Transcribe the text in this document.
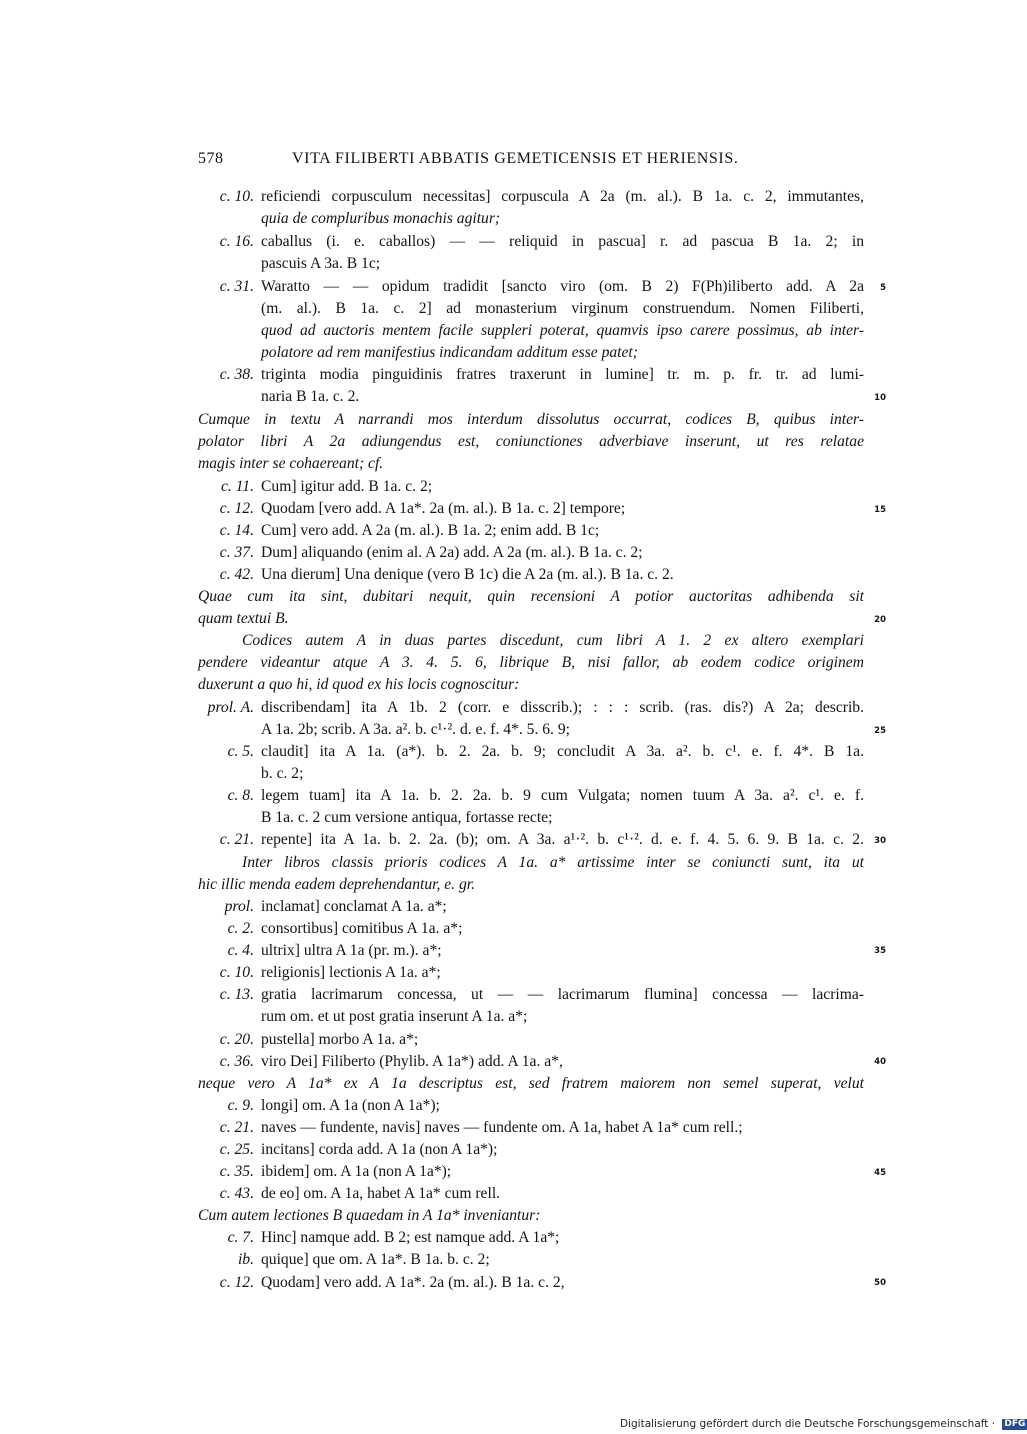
578	VITA FILIBERTI ABBATIS GEMETICENSIS ET HERIENSIS.
c. 10. reficiendi corpusculum necessitas] corpuscula A 2a (m. al.). B 1a. c. 2, immutantes,
quia de compluribus monachis agitur;
c. 16. caballus (i. e. caballos) — — reliquid in pascua] r. ad pascua B 1a. 2; in
pascuis A 3a. B 1c;
c. 31. Waratto — — opidum tradidit [sancto viro (om. B 2) F(Ph)iliberto add. A 2a
(m. al.). B 1a. c. 2] ad monasterium virginum construendum. Nomen Filiberti,
quod ad auctoris mentem facile suppleri poterat, quamvis ipso carere possimus, ab inter-
polatore ad rem manifestius indicandam additum esse patet;
c. 38. triginta modia pinguidinis fratres traxerunt in lumine] tr. m. p. fr. tr. ad lumi-
naria B 1a. c. 2.
Cumque in textu A narrandi mos interdum dissolutus occurrat, codices B, quibus inter-
polator libri A 2a adiungendus est, coniunctiones adverbiave inserunt, ut res relatae
magis inter se cohaereant; cf.
c. 11. Cum] igitur add. B 1a. c. 2;
c. 12. Quodam [vero add. A 1a*. 2a (m. al.). B 1a. c. 2] tempore;
c. 14. Cum] vero add. A 2a (m. al.). B 1a. 2; enim add. B 1c;
c. 37. Dum] aliquando (enim al. A 2a) add. A 2a (m. al.). B 1a. c. 2;
c. 42. Una dierum] Una denique (vero B 1c) die A 2a (m. al.). B 1a. c. 2.
Quae cum ita sint, dubitari nequit, quin recensioni A potior auctoritas adhibenda sit
quam textui B.
Codices autem A in duas partes discedunt, cum libri A 1. 2 ex altero exemplari
pendere videantur atque A 3. 4. 5. 6, librique B, nisi fallor, ab eodem codice originem
duxerunt a quo hi, id quod ex his locis cognoscitur:
prol. A. discribendam] ita A 1b. 2 (corr. e disscrib.); : : : scrib. (ras. dis?) A 2a; describ.
A 1a. 2b; scrib. A 3a. a². b. c¹·². d. e. f. 4*. 5. 6. 9;
c. 5. claudit] ita A 1a. (a*). b. 2. 2a. b. 9; concludit A 3a. a². b. c¹. e. f. 4*. B 1a.
b. c. 2;
c. 8. legem tuam] ita A 1a. b. 2. 2a. b. 9 cum Vulgata; nomen tuum A 3a. a². c¹. e. f.
B 1a. c. 2 cum versione antiqua, fortasse recte;
c. 21. repente] ita A 1a. b. 2. 2a. (b); om. A 3a. a¹·². b. c¹·². d. e. f. 4. 5. 6. 9. B 1a. c. 2.
Inter libros classis prioris codices A 1a. a* artissime inter se coniuncti sunt, ita ut
hic illic menda eadem deprehendantur, e. gr.
prol. inclamat] conclamat A 1a. a*;
c. 2. consortibus] comitibus A 1a. a*;
c. 4. ultrix] ultra A 1a (pr. m.). a*;
c. 10. religionis] lectionis A 1a. a*;
c. 13. gratia lacrimarum concessa, ut — — lacrimarum flumina] concessa — lacrima-
rum om. et ut post gratia inserunt A 1a. a*;
c. 20. pustella] morbo A 1a. a*;
c. 36. viro Dei] Filiberto (Phylib. A 1a*) add. A 1a. a*,
neque vero A 1a* ex A 1a descriptus est, sed fratrem maiorem non semel superat, velut
c. 9. longi] om. A 1a (non A 1a*);
c. 21. naves — fundente, navis] naves — fundente om. A 1a, habet A 1a* cum rell.;
c. 25. incitans] corda add. A 1a (non A 1a*);
c. 35. ibidem] om. A 1a (non A 1a*);
c. 43. de eo] om. A 1a, habet A 1a* cum rell.
Cum autem lectiones B quaedam in A 1a* inveniantur:
c. 7. Hinc] namque add. B 2; est namque add. A 1a*;
ib. quique] que om. A 1a*. B 1a. b. c. 2;
c. 12. Quodam] vero add. A 1a*. 2a (m. al.). B 1a. c. 2,
5
10
15
20
25
30
35
40
45
50
Digitalisierung gefördert durch die Deutsche Forschungsgemeinschaft · DFG
